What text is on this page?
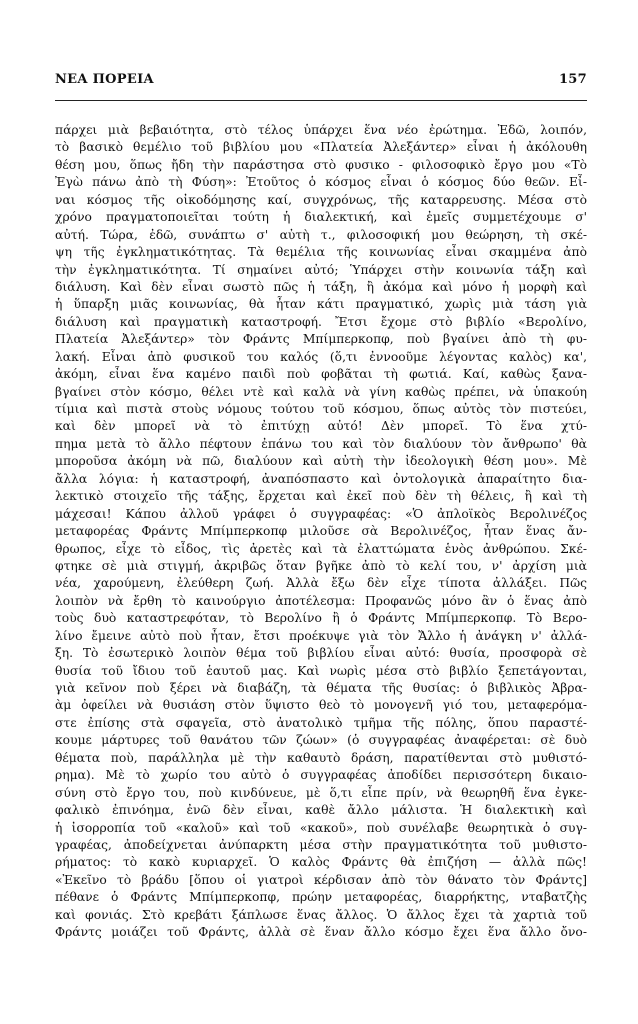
ΝΕΑ ΠΟΡΕΙΑ	157
πάρχει μιὰ βεβαιότητα, στὸ τέλος ὑπάρχει ἕνα νέο ἐρώτημα. Ἐδῶ, λοιπόν,
τὸ βασικὸ θεμέλιο τοῦ βιβλίου μου «Πλατεία Ἀλεξάντερ» εἶναι ἡ ἀκόλουθη
θέση μου, ὅπως ἤδη τὴν παράστησα στὸ φυσικο - φιλοσοφικὸ ἔργο μου «Τὸ
Ἐγὼ πάνω ἀπὸ τὴ Φύση»: Ἐτοῦτος ὁ κόσμος εἶναι ὁ κόσμος δύο θεῶν. Εἶ-
ναι κόσμος τῆς οἰκοδόμησης καί, συγχρόνως, τῆς καταρρευσης. Μέσα στὸ
χρόνο πραγματοποιεῖται τούτη ἡ διαλεκτική, καὶ ἐμεῖς συμμετέχουμε σ'
αὐτή. Τώρα, ἐδῶ, συνάπτω σ' αὐτὴ τ., φιλοσοφική μου θεώρηση, τὴ σκέ-
ψη τῆς ἐγκληματικότητας. Τὰ θεμέλια τῆς κοινωνίας εἶναι σκαμμένα ἀπὸ
τὴν ἐγκληματικότητα. Τί σημαίνει αὐτό; Ὑπάρχει στὴν κοινωνία τάξη καὶ
διάλυση. Καὶ δὲν εἶναι σωστὸ πῶς ἡ τάξη, ἢ ἀκόμα καὶ μόνο ἡ μορφὴ καὶ
ἡ ὕπαρξη μιᾶς κοινωνίας, θὰ ἦταν κάτι πραγματικό, χωρὶς μιὰ τάση γιὰ
διάλυση καὶ πραγματικὴ καταστροφή. Ἔτσι ἔχομε στὸ βιβλίο «Βερολίνο,
Πλατεία Ἀλεξάντερ» τὸν Φράντς Μπίμπερκοπφ, ποὺ βγαίνει ἀπὸ τὴ φυ-
λακή. Εἶναι ἀπὸ φυσικοῦ του καλός (ὅ,τι ἐννοοῦμε λέγοντας καλὸς) κα',
ἀκόμη, εἶναι ἕνα καμένο παιδὶ ποὺ φοβᾶται τὴ φωτιά. Καί, καθὼς ξανα-
βγαίνει στὸν κόσμο, θέλει ντὲ καὶ καλὰ νὰ γίνη καθὼς πρέπει, νὰ ὑπακούη
τίμια καὶ πιστὰ στοὺς νόμους τούτου τοῦ κόσμου, ὅπως αὐτὸς τὸν πιστεύει,
καὶ δὲν μπορεῖ νὰ τὸ ἐπιτύχῃ αὐτό! Δὲν μπορεῖ. Τὸ ἕνα χτύ-
πημα μετὰ τὸ ἄλλο πέφτουν ἐπάνω του καὶ τὸν διαλύουν τὸν ἄνθρωπο' θὰ
μποροῦσα ἀκόμη νὰ πῶ, διαλύουν καὶ αὐτὴ τὴν ἰδεολογικὴ θέση μου». Μὲ
ἄλλα λόγια: ἡ καταστροφή, ἀναπόσπαστο καὶ ὀντολογικὰ ἀπαραίτητο δια-
λεκτικὸ στοιχεῖο τῆς τάξης, ἔρχεται καὶ ἐκεῖ ποὺ δὲν τὴ θέλεις, ἢ καὶ τὴ
μάχεσαι! Κάπου ἀλλοῦ γράφει ὁ συγγραφέας: «Ὁ ἀπλοϊκὸς Βερολινέζος
μεταφορέας Φράντς Μπίμπερκοπφ μιλοῦσε σὰ Βερολινέζος, ἦταν ἕνας ἄν-
θρωπος, εἶχε τὸ εἶδος, τὶς ἀρετὲς καὶ τὰ ἐλαττώματα ἑνὸς ἀνθρώπου. Σκέ-
φτηκε σὲ μιὰ στιγμή, ἀκριβῶς ὅταν βγῆκε ἀπὸ τὸ κελί του, ν' ἀρχίση μιὰ
νέα, χαρούμενη, ἐλεύθερη ζωή. Ἀλλὰ ἔξω δὲν εἶχε τίποτα ἀλλάξει. Πῶς
λοιπὸν νὰ ἔρθη τὸ καινούργιο ἀποτέλεσμα: Προφανῶς μόνο ἂν ὁ ἕνας ἀπὸ
τοὺς δυὸ καταστρεφόταν, τὸ Βερολίνο ἢ ὁ Φράντς Μπίμπερκοπφ. Τὸ Βερο-
λίνο ἔμεινε αὐτὸ ποὺ ἦταν, ἔτσι προέκυψε γιὰ τὸν Ἄλλο ἡ ἀνάγκη ν' ἀλλά-
ξη. Τὸ ἐσωτερικὸ λοιπὸν θέμα τοῦ βιβλίου εἶναι αὐτό: θυσία, προσφορὰ σὲ
θυσία τοῦ ἴδιου τοῦ ἑαυτοῦ μας. Καὶ νωρὶς μέσα στὸ βιβλίο ξεπετάγονται,
γιὰ κεῖνον ποὺ ξέρει νὰ διαβάζη, τὰ θέματα τῆς θυσίας: ὁ βιβλικὸς Ἀβρα-
ὰμ ὀφείλει νὰ θυσιάση στὸν ὕψιστο θεὸ τὸ μονογενῆ γιό του, μεταφερόμα-
στε ἐπίσης στὰ σφαγεῖα, στὸ ἀνατολικὸ τμῆμα τῆς πόλης, ὅπου παραστέ-
κουμε μάρτυρες τοῦ θανάτου τῶν ζώων» (ὁ συγγραφέας ἀναφέρεται: σὲ δυὸ
θέματα ποὺ, παράλληλα μὲ τὴν καθαυτὸ δράση, παρατίθενται στὸ μυθιστό-
ρημα). Μὲ τὸ χωρίο του αὐτὸ ὁ συγγραφέας ἀποδίδει περισσότερη δικαιο-
σύνη στὸ ἔργο του, ποὺ κινδύνευε, μὲ ὅ,τι εἶπε πρίν, νὰ θεωρηθῆ ἕνα ἐγκε-
φαλικὸ ἐπινόημα, ἐνῶ δὲν εἶναι, καθὲ ἄλλο μάλιστα. Ἡ διαλεκτικὴ καὶ
ἡ ἰσορροπία τοῦ «καλοῦ» καὶ τοῦ «κακοῦ», ποὺ συνέλαβε θεωρητικὰ ὁ συγ-
γραφέας, ἀποδείχνεται ἀνύπαρκτη μέσα στὴν πραγματικότητα τοῦ μυθιστο-
ρήματος: τὸ κακὸ κυριαρχεῖ. Ὁ καλὸς Φράντς θὰ ἐπιζήση — ἀλλὰ πῶς!
«Ἐκεῖνο τὸ βράδυ [ὅπου οἱ γιατροὶ κέρδισαν ἀπὸ τὸν θάνατο τὸν Φράντς]
πέθανε ὁ Φράντς Μπίμπερκοπφ, πρώην μεταφορέας, διαρρήκτης, νταβατζὴς
καὶ φονιάς. Στὸ κρεβάτι ξάπλωσε ἕνας ἄλλος. Ὁ ἄλλος ἔχει τὰ χαρτιὰ τοῦ
Φράντς μοιάζει τοῦ Φράντς, ἀλλὰ σὲ ἕναν ἄλλο κόσμο ἔχει ἕνα ἄλλο ὄνο-
